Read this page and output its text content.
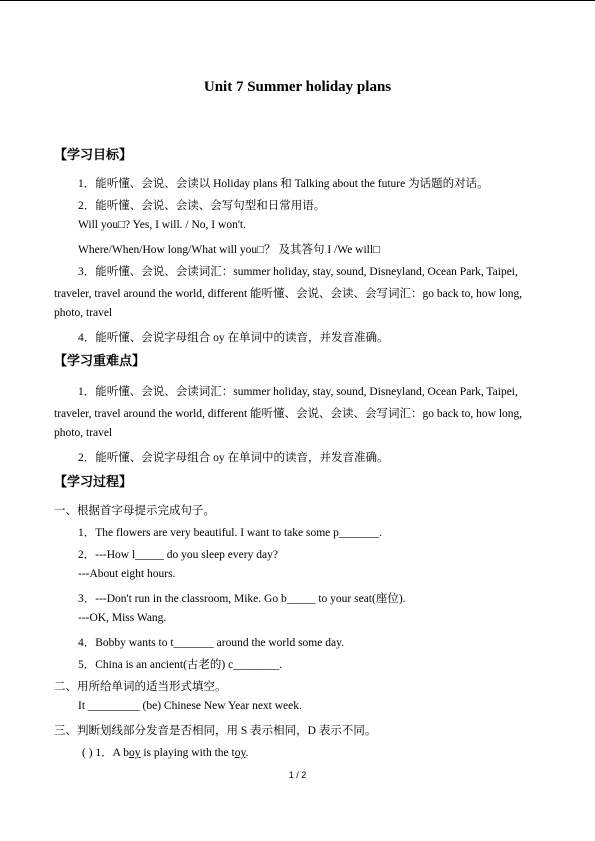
Unit 7 Summer holiday plans
【学习目标】
1．能听懂、会说、会读以 Holiday plans 和 Talking about the future 为话题的对话。
2．能听懂、会说、会读、会写句型和日常用语。
Will you□? Yes, I will. / No, I won't.
Where/When/How long/What will you□？ 及其答句 I /We will□
3．能听懂、会说、会读词汇：summer holiday, stay, sound, Disneyland, Ocean Park, Taipei,
traveler, travel around the world, different 能听懂、会说、会读、会写词汇：go back to, how long,
photo, travel
4．能听懂、会说字母组合 oy 在单词中的读音，并发音准确。
【学习重难点】
1．能听懂、会说、会读词汇：summer holiday, stay, sound, Disneyland, Ocean Park, Taipei,
traveler, travel around the world, different 能听懂、会说、会读、会写词汇：go back to, how long,
photo, travel
2．能听懂、会说字母组合 oy 在单词中的读音，并发音准确。
【学习过程】
一、根据首字母提示完成句子。
1．The flowers are very beautiful. I want to take some p_______.
2．---How l_____ do you sleep every day?
---About eight hours.
3．---Don't run in the classroom, Mike. Go b_____ to your seat(座位).
---OK, Miss Wang.
4．Bobby wants to t_______ around the world some day.
5．China is an ancient(古老的) c________.
二、用所给单词的适当形式填空。
It _________ (be) Chinese New Year next week.
三、判断划线部分发音是否相同，用 S 表示相同，D 表示不同。
( ) 1．A boy is playing with the toy.
1 / 2
